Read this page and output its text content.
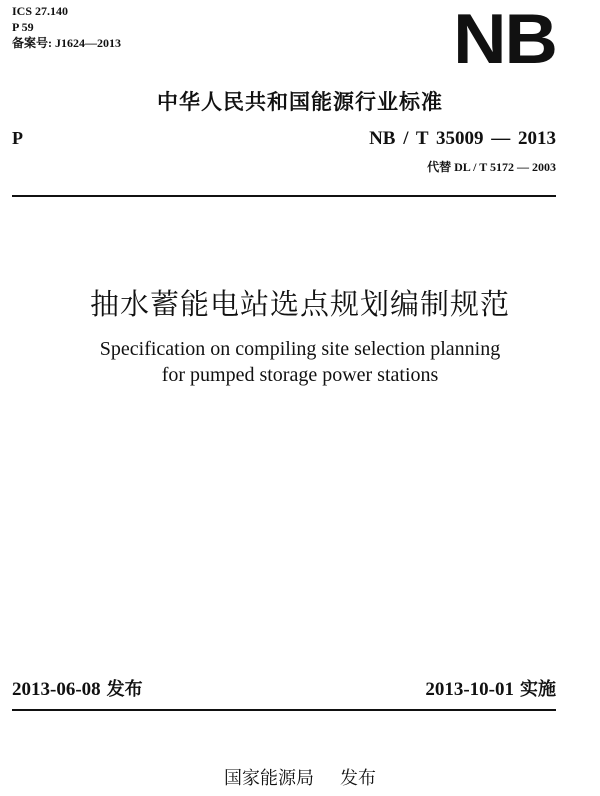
ICS 27.140
P 59
备案号: J1624—2013	NB
中华人民共和国能源行业标准
P	NB / T 35009 — 2013
代替 DL / T 5172 — 2003
抽水蓄能电站选点规划编制规范
Specification on compiling site selection planning
for pumped storage power stations
2013-06-08 发布	2013-10-01 实施
国家能源局 发布
